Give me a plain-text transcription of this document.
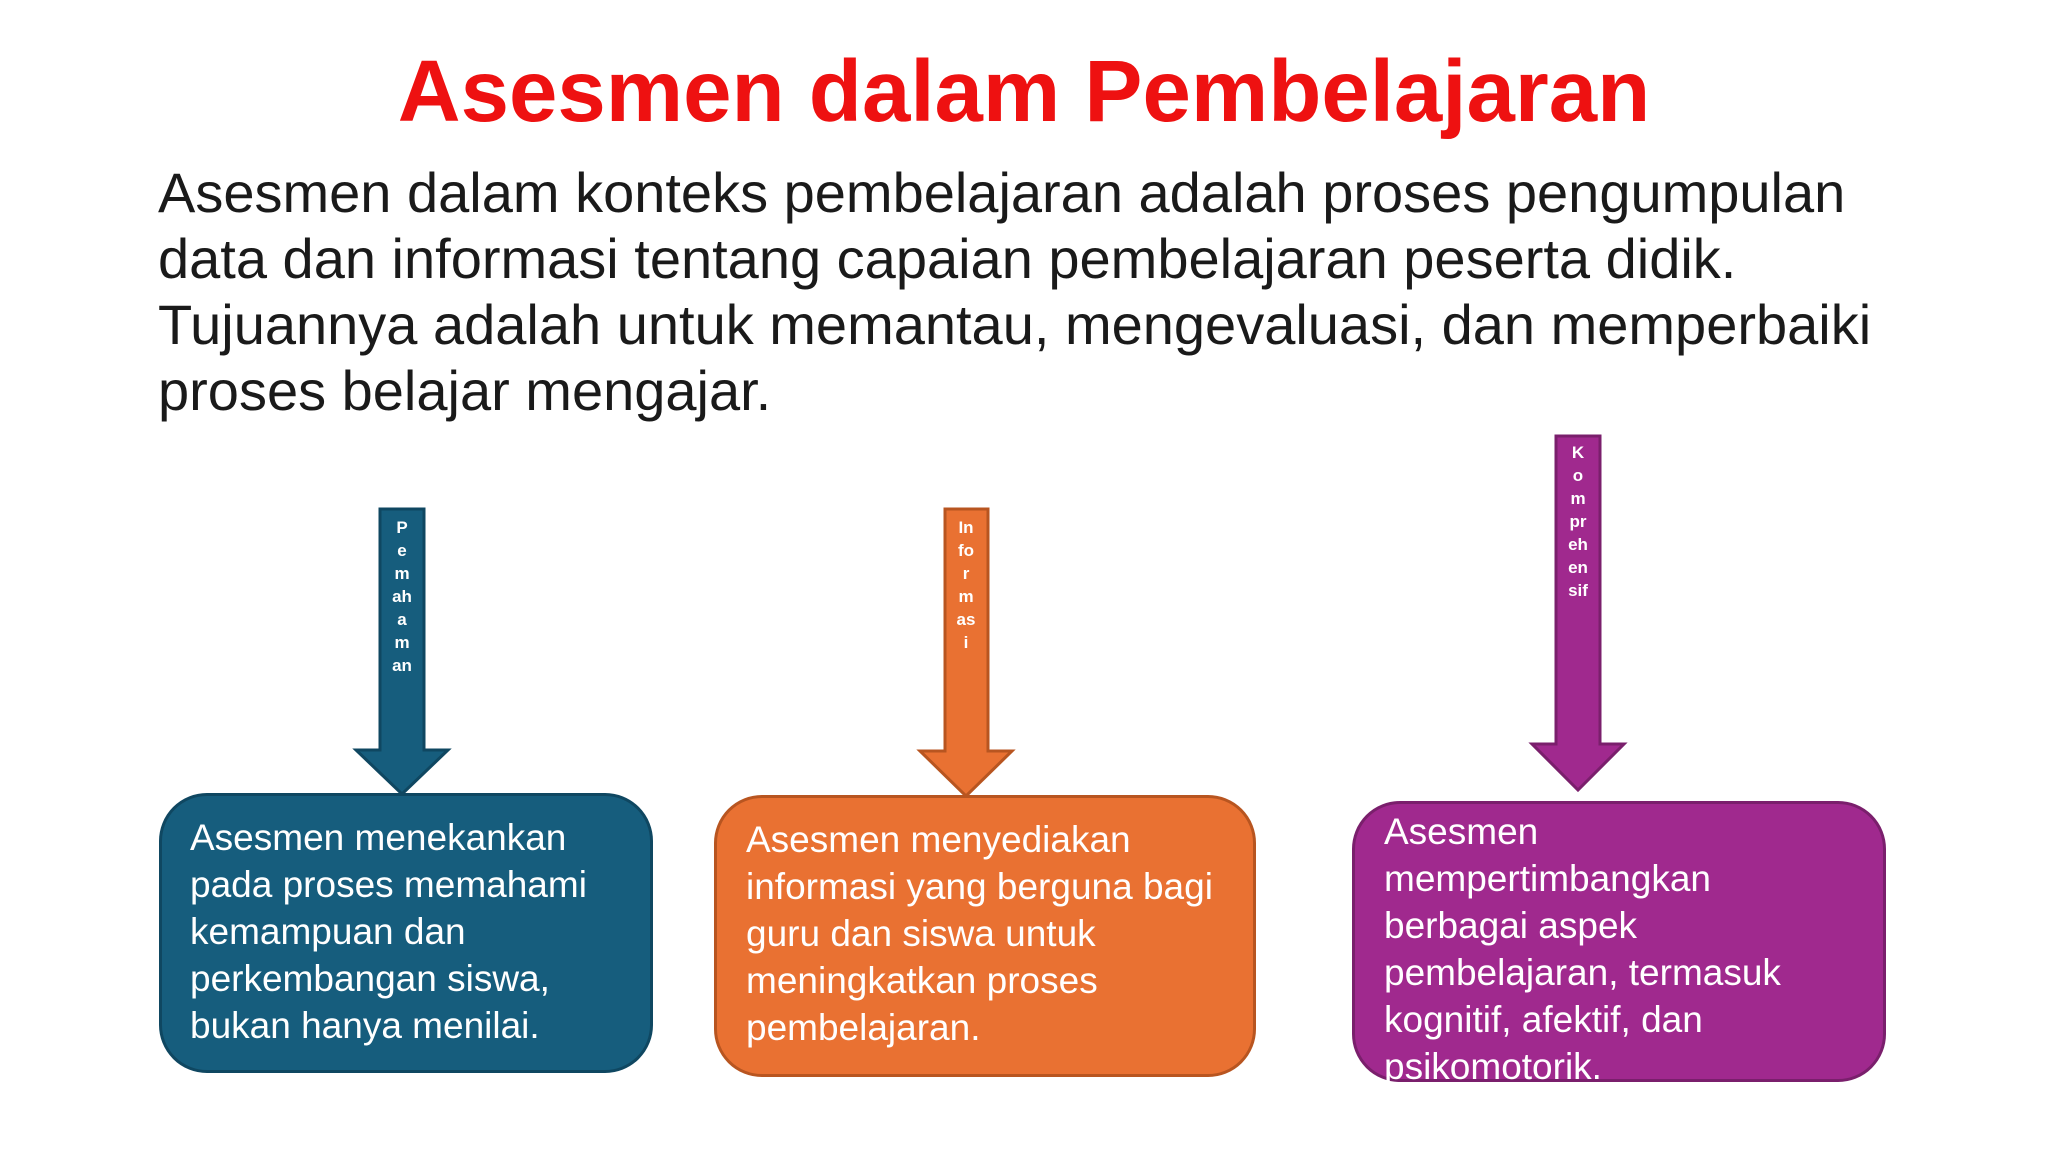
Asesmen dalam Pembelajaran

Asesmen dalam konteks pembelajaran adalah proses pengumpulan data dan informasi tentang capaian pembelajaran peserta didik. Tujuannya adalah untuk memantau, mengevaluasi, dan memperbaiki proses belajar mengajar.

Pemahaman
Informasi
Komprehensif
Asesmen menekankan pada proses memahami kemampuan dan perkembangan siswa, bukan hanya menilai.
Asesmen menyediakan informasi yang berguna bagi guru dan siswa untuk meningkatkan proses pembelajaran.
Asesmen mempertimbangkan berbagai aspek pembelajaran, termasuk kognitif, afektif, dan psikomotorik.
